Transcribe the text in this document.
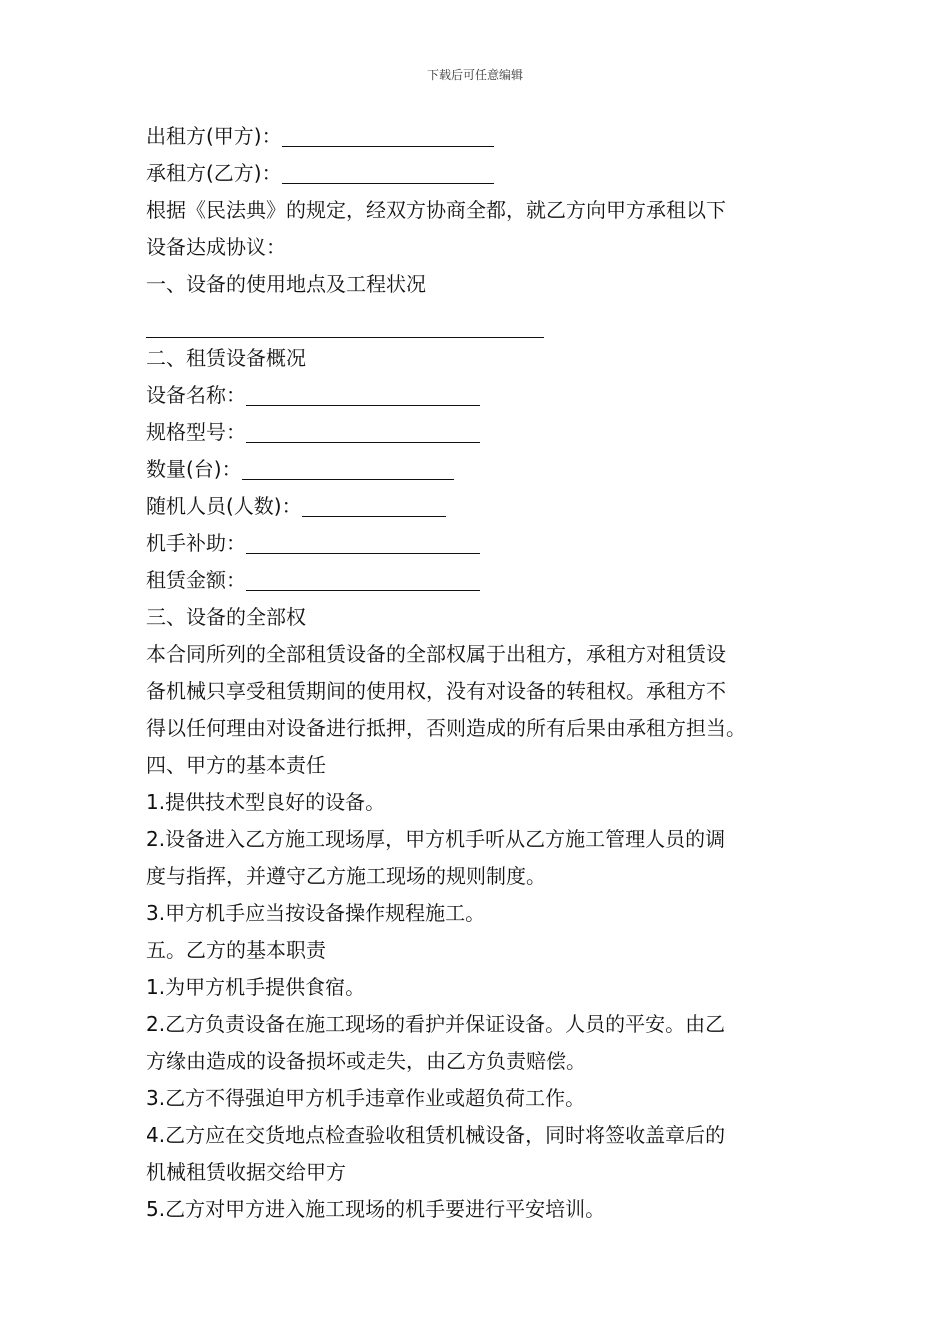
下载后可任意编辑
出租方(甲方)：
承租方(乙方)：
根据《民法典》的规定，经双方协商全都，就乙方向甲方承租以下
设备达成协议：
一、设备的使用地点及工程状况
二、租赁设备概况
设备名称：
规格型号：
数量(台)：
随机人员(人数)：
机手补助：
租赁金额：
三、设备的全部权
本合同所列的全部租赁设备的全部权属于出租方，承租方对租赁设
备机械只享受租赁期间的使用权，没有对设备的转租权。承租方不
得以任何理由对设备进行抵押，否则造成的所有后果由承租方担当。
四、甲方的基本责任
1.提供技术型良好的设备。
2.设备进入乙方施工现场厚，甲方机手听从乙方施工管理人员的调
度与指挥，并遵守乙方施工现场的规则制度。
3.甲方机手应当按设备操作规程施工。
五。乙方的基本职责
1.为甲方机手提供食宿。
2.乙方负责设备在施工现场的看护并保证设备。人员的平安。由乙
方缘由造成的设备损坏或走失，由乙方负责赔偿。
3.乙方不得强迫甲方机手违章作业或超负荷工作。
4.乙方应在交货地点检查验收租赁机械设备，同时将签收盖章后的
机械租赁收据交给甲方
5.乙方对甲方进入施工现场的机手要进行平安培训。
